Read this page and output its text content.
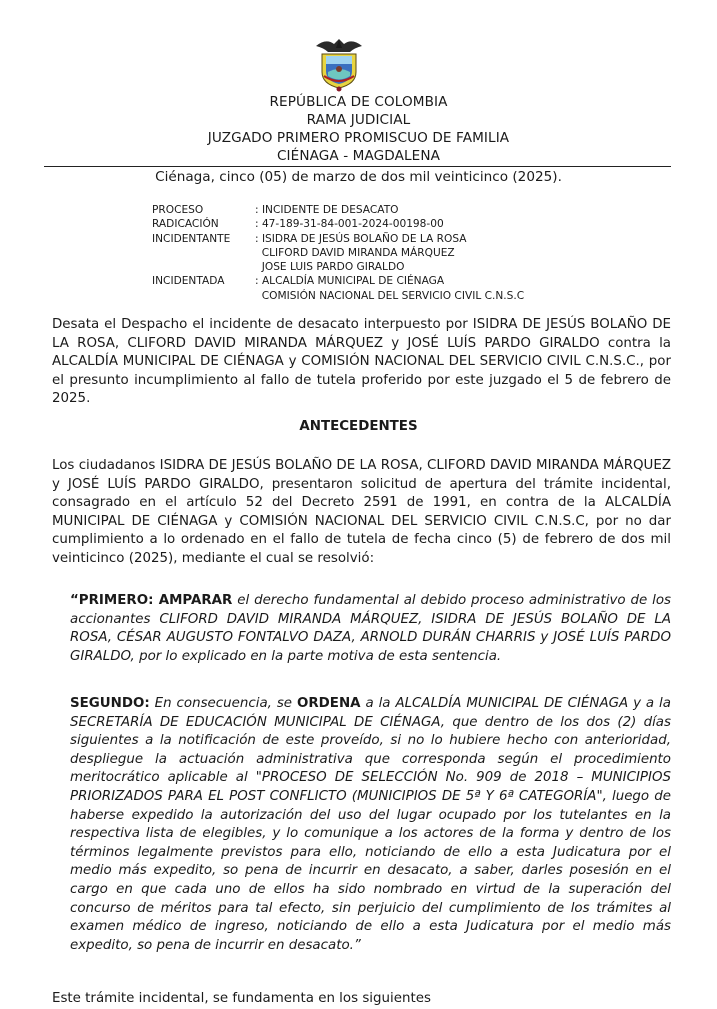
REPÚBLICA DE COLOMBIA
RAMA JUDICIAL
JUZGADO PRIMERO PROMISCUO DE FAMILIA
CIÉNAGA - MAGDALENA
Ciénaga, cinco (05) de marzo de dos mil veinticinco (2025).
PROCESO	: INCIDENTE DE DESACATO
RADICACIÓN	: 47-189-31-84-001-2024-00198-00
INCIDENTANTE : ISIDRA DE JESÚS BOLAÑO DE LA ROSA
CLIFORD DAVID MIRANDA MÁRQUEZ
JOSE LUIS PARDO GIRALDO
INCIDENTADA	: ALCALDÍA MUNICIPAL DE CIÉNAGA
COMISIÓN NACIONAL DEL SERVICIO CIVIL C.N.S.C
Desata el Despacho el incidente de desacato interpuesto por ISIDRA DE JESÚS BOLAÑO DE LA ROSA, CLIFORD DAVID MIRANDA MÁRQUEZ y JOSÉ LUÍS PARDO GIRALDO contra la ALCALDÍA MUNICIPAL DE CIÉNAGA y COMISIÓN NACIONAL DEL SERVICIO CIVIL C.N.S.C., por el presunto incumplimiento al fallo de tutela proferido por este juzgado el 5 de febrero de 2025.
ANTECEDENTES
Los ciudadanos ISIDRA DE JESÚS BOLAÑO DE LA ROSA, CLIFORD DAVID MIRANDA MÁRQUEZ y JOSÉ LUÍS PARDO GIRALDO, presentaron solicitud de apertura del trámite incidental, consagrado en el artículo 52 del Decreto 2591 de 1991, en contra de la ALCALDÍA MUNICIPAL DE CIÉNAGA y COMISIÓN NACIONAL DEL SERVICIO CIVIL C.N.S.C, por no dar cumplimiento a lo ordenado en el fallo de tutela de fecha cinco (5) de febrero de dos mil veinticinco (2025), mediante el cual se resolvió:
“PRIMERO: AMPARAR el derecho fundamental al debido proceso administrativo de los accionantes CLIFORD DAVID MIRANDA MÁRQUEZ, ISIDRA DE JESÚS BOLAÑO DE LA ROSA, CÉSAR AUGUSTO FONTALVO DAZA, ARNOLD DURÁN CHARRIS y JOSÉ LUÍS PARDO GIRALDO, por lo explicado en la parte motiva de esta sentencia.
SEGUNDO: En consecuencia, se ORDENA a la ALCALDÍA MUNICIPAL DE CIÉNAGA y a la SECRETARÍA DE EDUCACIÓN MUNICIPAL DE CIÉNAGA, que dentro de los dos (2) días siguientes a la notificación de este proveído, si no lo hubiere hecho con anterioridad, despliegue la actuación administrativa que corresponda según el procedimiento meritocrático aplicable al "PROCESO DE SELECCIÓN No. 909 de 2018 – MUNICIPIOS PRIORIZADOS PARA EL POST CONFLICTO (MUNICIPIOS DE 5ª Y 6ª CATEGORÍA", luego de haberse expedido la autorización del uso del lugar ocupado por los tutelantes en la respectiva lista de elegibles, y lo comunique a los actores de la forma y dentro de los términos legalmente previstos para ello, noticiando de ello a esta Judicatura por el medio más expedito, so pena de incurrir en desacato, a saber, darles posesión en el cargo en que cada uno de ellos ha sido nombrado en virtud de la superación del concurso de méritos para tal efecto, sin perjuicio del cumplimiento de los trámites al examen médico de ingreso, noticiando de ello a esta Judicatura por el medio más expedito, so pena de incurrir en desacato.”
Este trámite incidental, se fundamenta en los siguientes
